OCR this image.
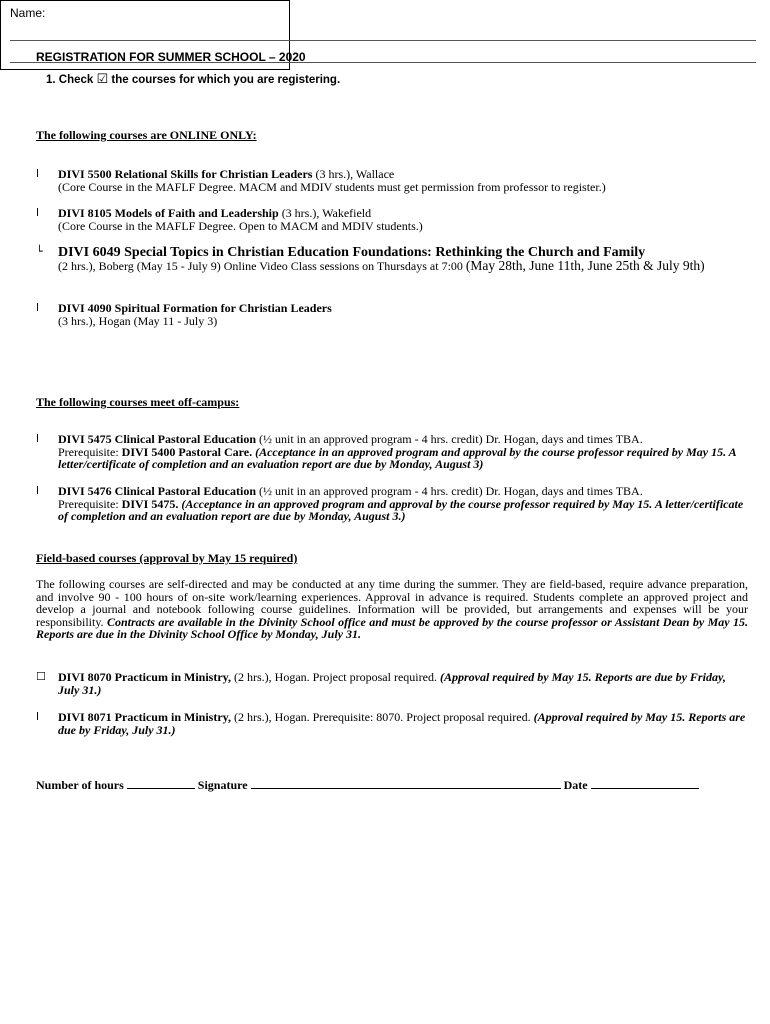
REGISTRATION FOR SUMMER SCHOOL – 2020
1. Check ☑ the courses for which you are registering.
Name:
The following courses are ONLINE ONLY:
l	DIVI 5500 Relational Skills for Christian Leaders (3 hrs.), Wallace
(Core Course in the MAFLF Degree. MACM and MDIV students must get permission from professor to register.)
l	DIVI 8105 Models of Faith and Leadership (3 hrs.), Wakefield
(Core Course in the MAFLF Degree. Open to MACM and MDIV students.)
└	DIVI 6049 Special Topics in Christian Education Foundations: Rethinking the Church and Family
(2 hrs.), Boberg (May 15 - July 9) Online Video Class sessions on Thursdays at 7:00 (May 28th, June 11th, June 25th & July 9th)
l	DIVI 4090 Spiritual Formation for Christian Leaders
(3 hrs.), Hogan (May 11 - July 3)
The following courses meet off-campus:
l	DIVI 5475 Clinical Pastoral Education (½ unit in an approved program - 4 hrs. credit) Dr. Hogan, days and times TBA.
Prerequisite: DIVI 5400 Pastoral Care. (Acceptance in an approved program and approval by the course professor required by May 15. A letter/certificate of completion and an evaluation report are due by Monday, August 3)
l	DIVI 5476 Clinical Pastoral Education (½ unit in an approved program - 4 hrs. credit) Dr. Hogan, days and times TBA.
Prerequisite: DIVI 5475. (Acceptance in an approved program and approval by the course professor required by May 15. A letter/certificate of completion and an evaluation report are due by Monday, August 3.)
Field-based courses (approval by May 15 required)
The following courses are self-directed and may be conducted at any time during the summer. They are field-based, require advance preparation, and involve 90 - 100 hours of on-site work/learning experiences. Approval in advance is required. Students complete an approved project and develop a journal and notebook following course guidelines. Information will be provided, but arrangements and expenses will be your responsibility. Contracts are available in the Divinity School office and must be approved by the course professor or Assistant Dean by May 15. Reports are due in the Divinity School Office by Monday, July 31.
☐	DIVI 8070 Practicum in Ministry, (2 hrs.), Hogan. Project proposal required. (Approval required by May 15. Reports are due by Friday, July 31.)
l	DIVI 8071 Practicum in Ministry, (2 hrs.), Hogan. Prerequisite: 8070. Project proposal required. (Approval required by May 15. Reports are due by Friday, July 31.)
Number of hours	Signature	Date
